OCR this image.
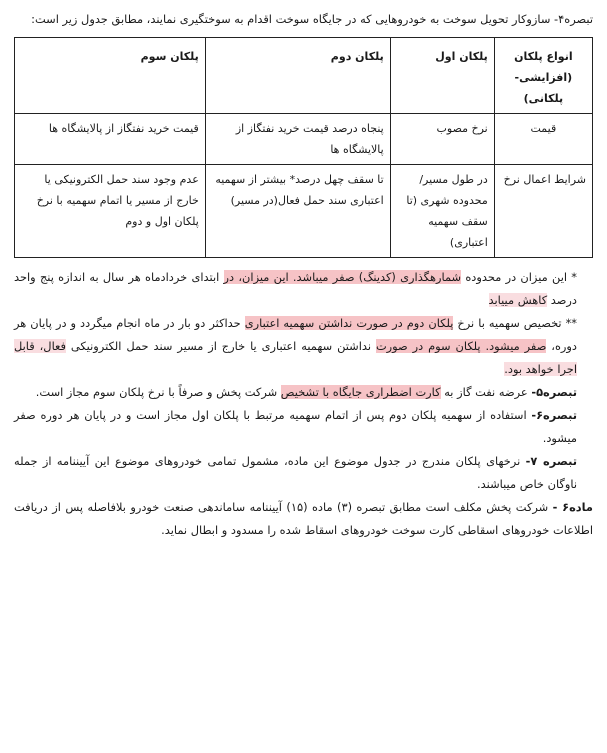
تبصره۴- سازوکار تحویل سوخت به خودروهایی که در جایگاه سوخت اقدام به سوختگیری نمایند، مطابق جدول زیر است:

انواع پلکان (افزایشی-پلکانی)	پلکان اول	پلکان دوم	پلکان سوم
قیمت	نرخ مصوب	پنجاه درصد قیمت خرید نفتگاز از پالایشگاه ها	قیمت خرید نفتگاز از پالایشگاه ها
شرایط اعمال نرخ	در طول مسیر/ محدوده شهری (تا سقف سهمیه اعتباری)	تا سقف چهل درصد* بیشتر از سهمیه اعتباری سند حمل فعال(در مسیر)	عدم وجود سند حمل الکترونیکی یا خارج از مسیر یا اتمام سهمیه با نرخ پلکان اول و دوم

* این میزان در محدوده شمارهگذاری (کدینگ) صفر میباشد. این میزان، در ابتدای خردادماه هر سال به اندازه پنج واحد درصد کاهش مییابد

** تخصیص سهمیه با نرخ پلکان دوم در صورت نداشتن سهمیه اعتباری حداکثر دو بار در ماه انجام میگردد و در پایان هر دوره، صفر میشود. پلکان سوم در صورت نداشتن سهمیه اعتباری یا خارج از مسیر سند حمل الکترونیکی فعال، قابل اجرا خواهد بود.

تبصره۵- عرضه نفت گاز به کارت اضطراری جایگاه با تشخیص شرکت پخش و صرفاً با نرخ پلکان سوم مجاز است.

تبصره۶- استفاده از سهمیه پلکان دوم پس از اتمام سهمیه مرتبط با پلکان اول مجاز است و در پایان هر دوره صفر میشود.

تبصره ۷- نرخهای پلکان مندرج در جدول موضوع این ماده، مشمول تمامی خودروهای موضوع این آییننامه از جمله ناوگان خاص میباشند.

ماده۶ - شرکت پخش مکلف است مطابق تبصره (۳) ماده (۱۵) آییننامه ساماندهی صنعت خودرو بلافاصله پس از دریافت اطلاعات خودروهای اسقاطی کارت سوخت خودروهای اسقاط شده را مسدود و ابطال نماید.
